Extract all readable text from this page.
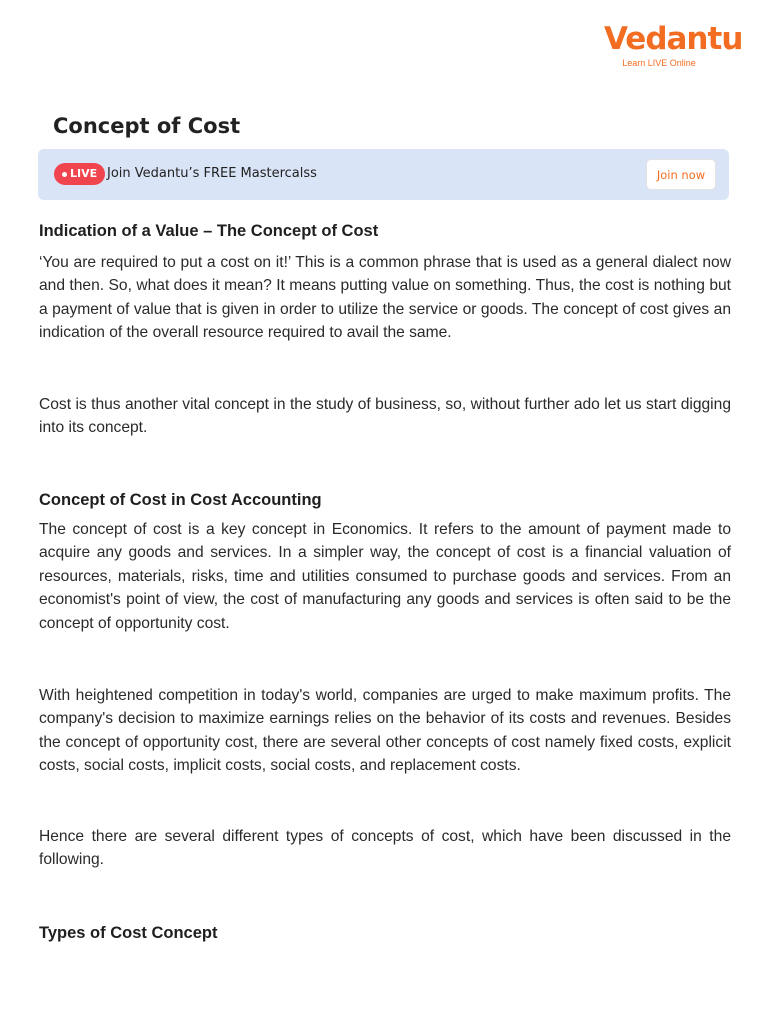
Vedantu
Learn LIVE Online
Concept of Cost
LIVE Join Vedantu’s FREE Mastercalss	Join now
Indication of a Value – The Concept of Cost

‘You are required to put a cost on it!’ This is a common phrase that is used as a general dialect now and then. So, what does it mean? It means putting value on something. Thus, the cost is nothing but a payment of value that is given in order to utilize the service or goods. The concept of cost gives an indication of the overall resource required to avail the same.

Cost is thus another vital concept in the study of business, so, without further ado let us start digging into its concept.

Concept of Cost in Cost Accounting

The concept of cost is a key concept in Economics. It refers to the amount of payment made to acquire any goods and services. In a simpler way, the concept of cost is a financial valuation of resources, materials, risks, time and utilities consumed to purchase goods and services. From an economist's point of view, the cost of manufacturing any goods and services is often said to be the concept of opportunity cost.

With heightened competition in today's world, companies are urged to make maximum profits. The company's decision to maximize earnings relies on the behavior of its costs and revenues. Besides the concept of opportunity cost, there are several other concepts of cost namely fixed costs, explicit costs, social costs, implicit costs, social costs, and replacement costs.

Hence there are several different types of concepts of cost, which have been discussed in the following.

Types of Cost Concept
